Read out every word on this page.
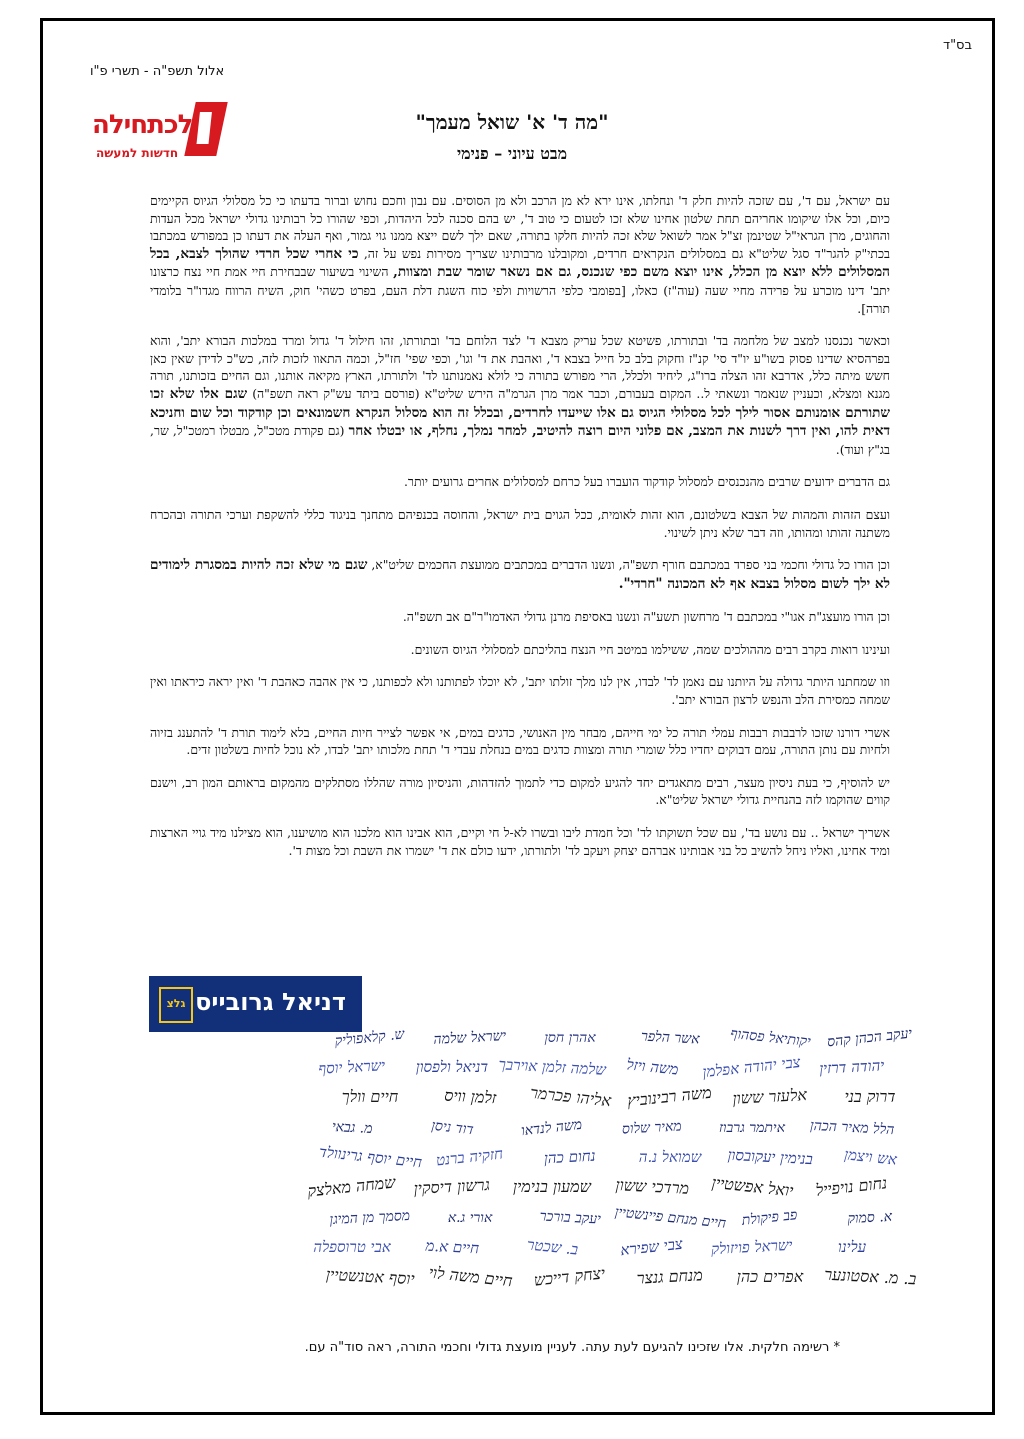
בס"ד
אלול תשפ"ה - תשרי פ"ו
לכתחילה
חדשות למעשה
"מה ד' א' שואל מעמך"
מבט עיוני – פנימי

עם ישראל, עם ד', עם שזכה להיות חלק ד' ונחלתו, אינו ירא לא מן הרכב ולא מן הסוסים. עם נבון וחכם נחוש וברור בדעתו כי כל מסלולי הגיוס הקיימים כיום, וכל אלו שיקומו אחריהם תחת שלטון אחינו שלא זכו לטעום כי טוב ד', יש בהם סכנה לכל היהדות, וכפי שהורו כל רבותינו גדולי ישראל מכל העדות והחוגים, מרן הגראי"ל שטינמן זצ"ל אמר לשואל שלא זכה להיות חלקו בתורה, שאם ילך לשם ייצא ממנו גוי גמור, ואף העלה את דעתו כן במפורש במכתבו בכתי"ק להגר"ד סגל שליט"א גם במסלולים הנקראים חרדים, ומקובלנו מרבותינו שצריך מסירות נפש על זה, כי אחרי שכל חרדי שהולך לצבא, בכל המסלולים ללא יוצא מן הכלל, אינו יוצא משם כפי שנכנס, גם אם נשאר שומר שבת ומצוות, השינוי בשיעור שבבחירת חיי אמת חיי נצח כרצונו יתב' דינו מוכרע על פרידה מחיי שעה (עוה"ז) כאלו, [בפומבי כלפי הרשויות ולפי כוח השגת דלת העם, בפרט כשהי' חוק, השיח הרווח מגדו"ר בלומדי תורה].

וכאשר נכנסנו למצב של מלחמה בד' ובתורתו, פשיטא שכל עריק מצבא ד' לצד הלוחם בד' ובתורתו, זהו חילול ד' גדול ומרד במלכות הבורא יתב', והוא בפרהסיא שדינו פסוק בשו"ע יו"ד סי' קנ"ז וחקוק בלב כל חייל בצבא ד', ואהבת את ד' וגו', וכפי שפי' חז"ל, וכמה התאוו לזכות לזה, כש"כ לדידן שאין כאן חשש מיתה כלל, אדרבא זהו הצלה ברו"ג, ליחיד ולכלל, הרי מפורש בתורה כי לולא נאמנותנו לד' ולתורתו, הארץ מקיאה אותנו, וגם החיים בזכותנו, תורה מגנא ומצלא, וכעניין שנאמר ונשאתי ל.. המקום בעבורם, וכבר אמר מרן הגרמ"ה הירש שליט"א (פורסם ביתד עש"ק ראה תשפ"ה) שגם אלו שלא זכו שתורתם אומנותם אסור לילך לכל מסלולי הגיוס גם אלו שייעדו לחרדים, ובכלל זה הוא מסלול הנקרא חשמונאים וכן קודקוד וכל שום וחניכא דאית להו, ואין דרך לשנות את המצב, אם פלוני היום רוצה להיטיב, למחר נמלך, נחלף, או יבטלו אחר (גם פקודת מטכ"ל, מבטלו רמטכ"ל, שר, בג"ץ ועוד).

גם הדברים ידועים שרבים מהנכנסים למסלול קודקוד הועברו בעל כרחם למסלולים אחרים גרועים יותר.

ועצם הזהות והמהות של הצבא בשלטונם, הוא זהות לאומית, ככל הגוים בית ישראל, והחוסה בכנפיהם מתחנך בניגוד כללי להשקפת וערכי התורה ובהכרח משתנה זהותו ומהותו, וזה דבר שלא ניתן לשינוי.

וכן הורו כל גדולי וחכמי בני ספרד במכתבם חורף תשפ"ה, ונשנו הדברים במכתבים ממועצת החכמים שליט"א, שגם מי שלא זכה להיות במסגרת לימודים לא ילך לשום מסלול בצבא אף לא המכונה "חרדי".

וכן הורו מועצג"ת אגו"י במכתבם ד' מרחשון תשע"ה ונשנו באסיפת מרנן גדולי האדמו"ר"ם אב תשפ"ה.

ועינינו רואות בקרב רבים מההולכים שמה, ששילמו במיטב חיי הנצח בהליכתם למסלולי הגיוס השונים.

וזו שמחתנו היותר גדולה על היותנו עם נאמן לד' לבדו, אין לנו מלך זולתו יתב', לא יוכלו לפתותנו ולא לכפותנו, כי אין אהבה כאהבת ד' ואין יראה כיראתו ואין שמחה כמסירת הלב והנפש לרצון הבורא יתב'.

אשרי דורנו שזכו לרבבות רבבות עמלי תורה כל ימי חייהם, מבחר מין האנושי, כדגים במים, אי אפשר לצייר חיות החיים, בלא לימוד תורת ד' להתענג בזיוה ולחיות עם נותן התורה, עמם דבוקים יחדיו כלל שומרי תורה ומצוות כדגים במים בנחלת עבדי ד' תחת מלכותו יתב' לבדו, לא נוכל לחיות בשלטון זדים.

יש להוסיף, כי בעת ניסיון מעצר, רבים מתאגדים יחד להגיע למקום כדי לתמוך להזדהות, והניסיון מורה שהללו מסתלקים מהמקום בראותם המון רב, וישנם קווים שהוקמו לזה בהנחיית גדולי ישראל שליט"א.

אשריך ישראל .. עם נושע בד', עם שכל תשוקתו לד' וכל חמדת ליבו ובשרו לא-ל חי וקיים, הוא אבינו הוא מלכנו הוא מושיענו, הוא מצילנו מיד גויי הארצות ומיד אחינו, ואליו ניחל להשיב כל בני אבותינו אברהם יצחק ויעקב לד' ולתורתו, ידעו כולם את ד' ישמרו את השבת וכל מצות ד'.

דניאל גרובייס
גלצ
יעקב הכהן קהס
יהודה דרזין
דרוק בני
הלל מאיר הכהן
אש ויצמן
נחום נויפייל
א. סמוק
עלינו
ב. מ. אסטונער
יקותיאל פסהוף
צבי יהודה אפלמן
אלעזר ששון
איתמר גרבוז
בנימין יעקובסון
יואל אפשטיין
פב פיקולת
ישראל פויזולק
אפרים כהן
אשר הלפר
משה ויזל
משה רבינוביץ
מאיר שלוס
שמואל נ.ה
מרדכי ששון
חיים מנחם פיינשטיין
צבי שפירא
מנחם גנצר
אהרן חסן
שלמה זלמן אוירבך
אליהו פכרמר
משה לנדאו
נחום כהן
שמעון בנימין
יעקב בורכר
ב. שכטר
יצחק דייכש
ישראל שלמה
דניאל ולפסון
זלמן וויס
דוד ניסן
חזקיה ברנט
גרשון דיסקין
אורי ג.א
חיים א.מ
חיים משה לוי
ש. קלאפוליק
ישראל יוסף
חיים וולך
מ. גבאי
חיים יוסף גרינוולד
שמחה מאלצק
מסמך מן המיגן
אבי טרוספלה
יוסף אטנשטיין
* רשימה חלקית. אלו שזכינו להגיעם לעת עתה. לעניין מועצת גדולי וחכמי התורה, ראה סוד"ה עם.
